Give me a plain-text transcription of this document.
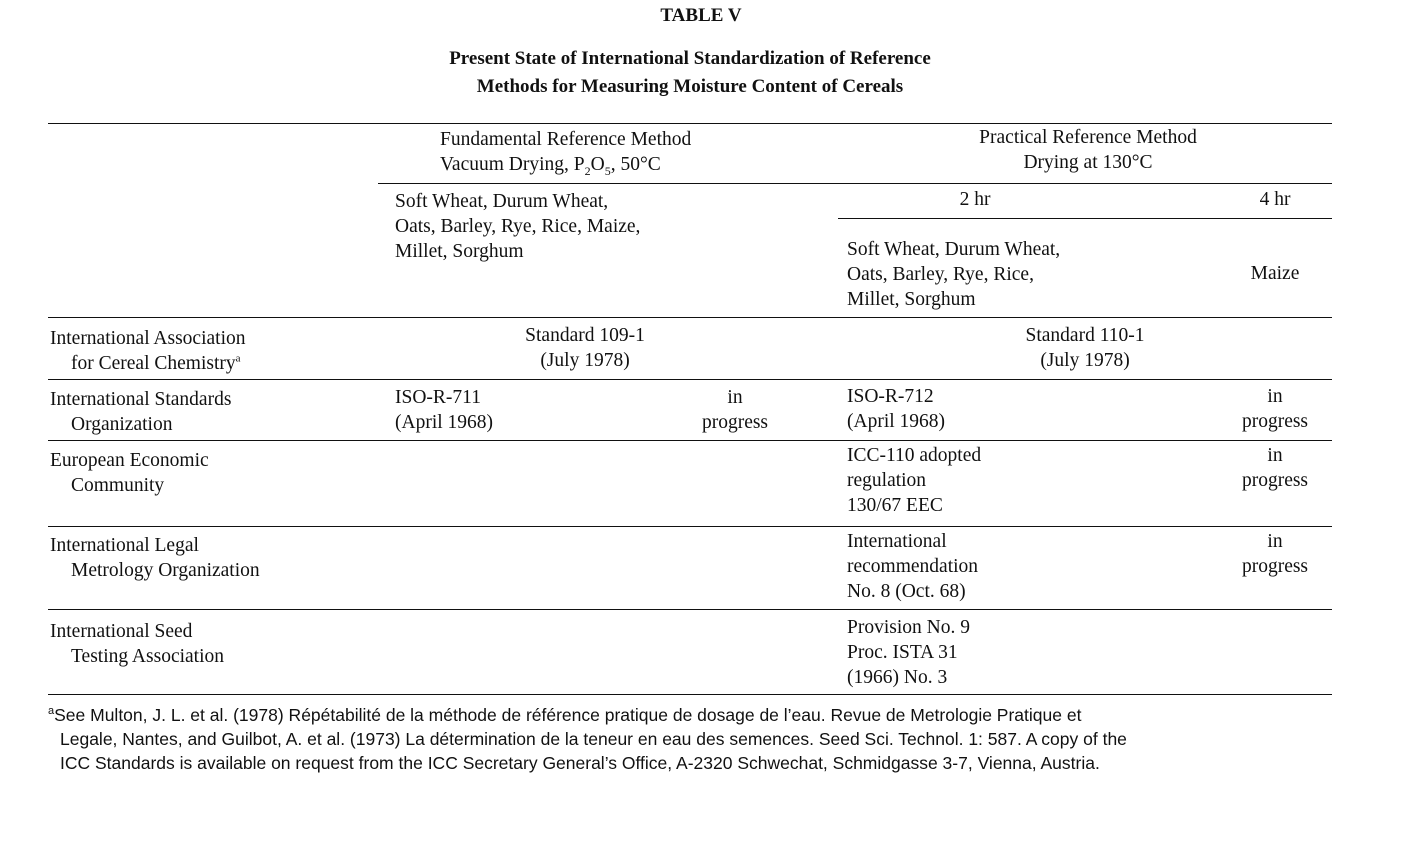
TABLE V
Present State of International Standardization of Reference
Methods for Measuring Moisture Content of Cereals
Fundamental Reference Method
Vacuum Drying, $P_2O_5$, 50°C
Practical Reference Method
Drying at 130°C
Soft Wheat, Durum Wheat,
Oats, Barley, Rye, Rice, Maize,
Millet, Sorghum
2 hr	4 hr
Soft Wheat, Durum Wheat,
Oats, Barley, Rye, Rice,
Millet, Sorghum
Maize
International Association
for Cereal Chemistry$^a$
Standard 109-1
(July 1978)
Standard 110-1
(July 1978)
International Standards
Organization
ISO-R-711
(April 1968)
in
progress
ISO-R-712
(April 1968)
in
progress
European Economic
Community
ICC-110 adopted
regulation
130/67 EEC
in
progress
International Legal
Metrology Organization
International
recommendation
No. 8 (Oct. 68)
in
progress
International Seed
Testing Association
Provision No. 9
Proc. ISTA 31
(1966) No. 3
$^a$See Multon, J. L. et al. (1978) Répétabilité de la méthode de référence pratique de dosage de l’eau. Revue de Metrologie Pratique et
Legale, Nantes, and Guilbot, A. et al. (1973) La détermination de la teneur en eau des semences. Seed Sci. Technol. 1: 587. A copy of the
ICC Standards is available on request from the ICC Secretary General’s Office, A-2320 Schwechat, Schmidgasse 3-7, Vienna, Austria.
